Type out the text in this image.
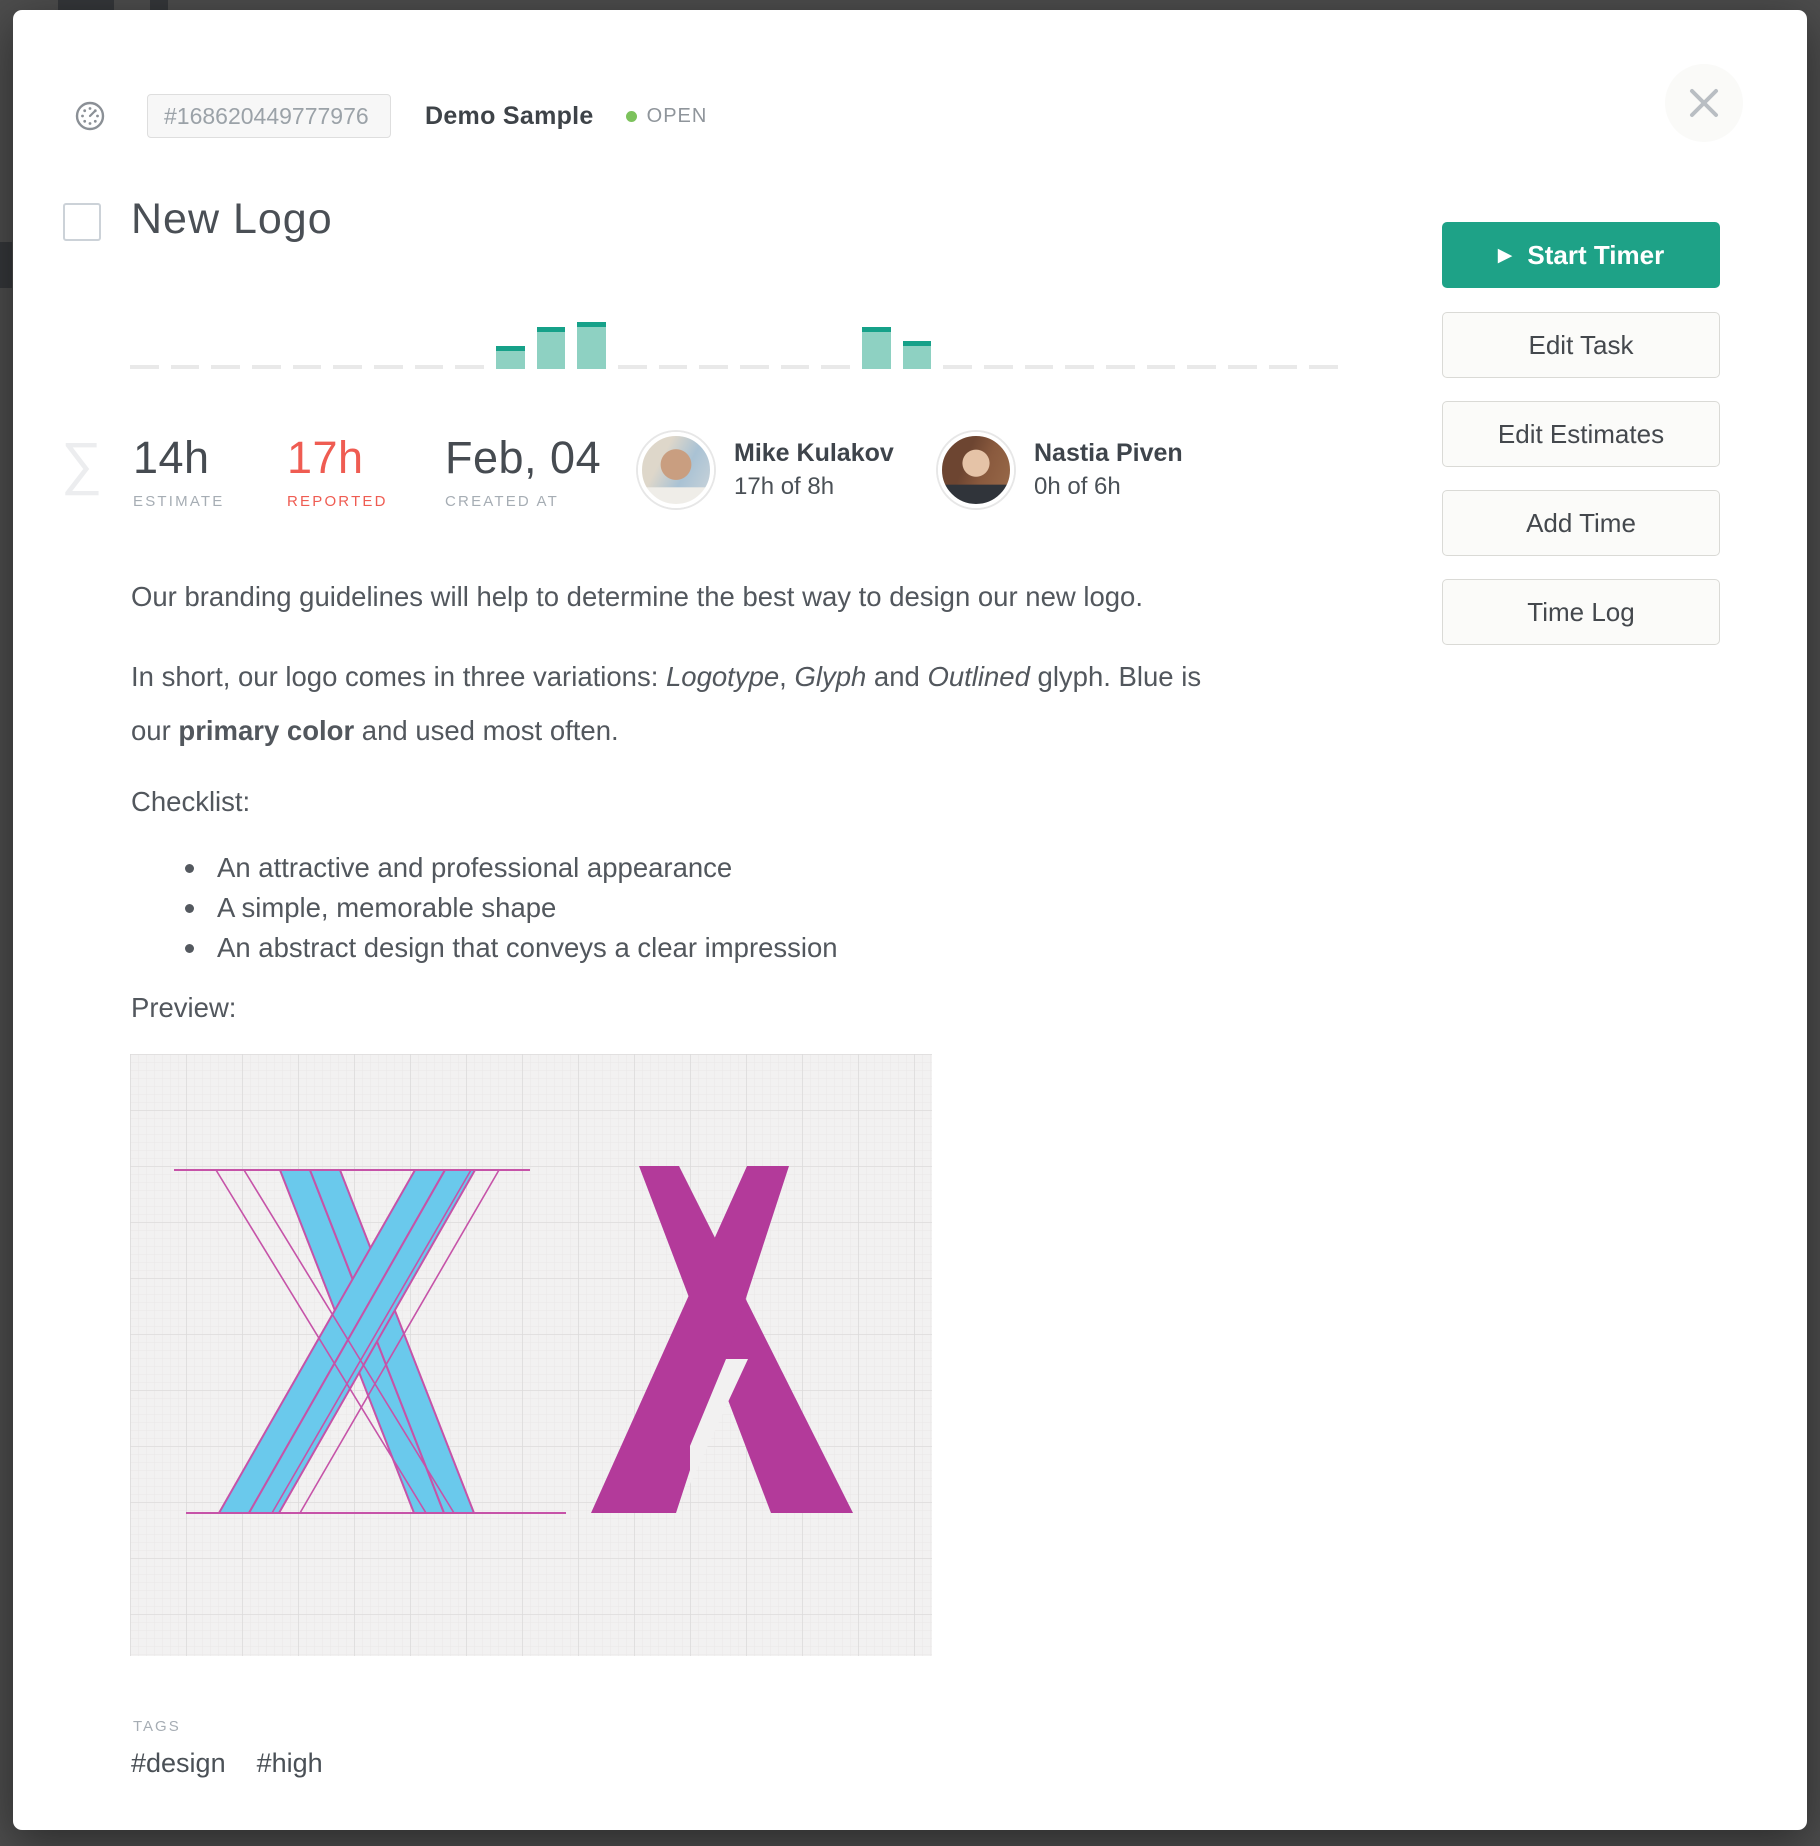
#168620449777976
Demo Sample	OPEN
New Logo
∑ 14h
ESTIMATE
17h
REPORTED
Feb, 04
CREATED AT
Mike Kulakov
17h of 8h
Nastia Piven
0h of 6h
▶ Start Timer
Edit Task
Edit Estimates
Add Time
Time Log
Our branding guidelines will help to determine the best way to design our new logo.
In short, our logo comes in three variations: Logotype, Glyph and Outlined glyph. Blue is
our primary color and used most often.
Checklist:
An attractive and professional appearance
A simple, memorable shape
An abstract design that conveys a clear impression
Preview:
TAGS
#design #high
